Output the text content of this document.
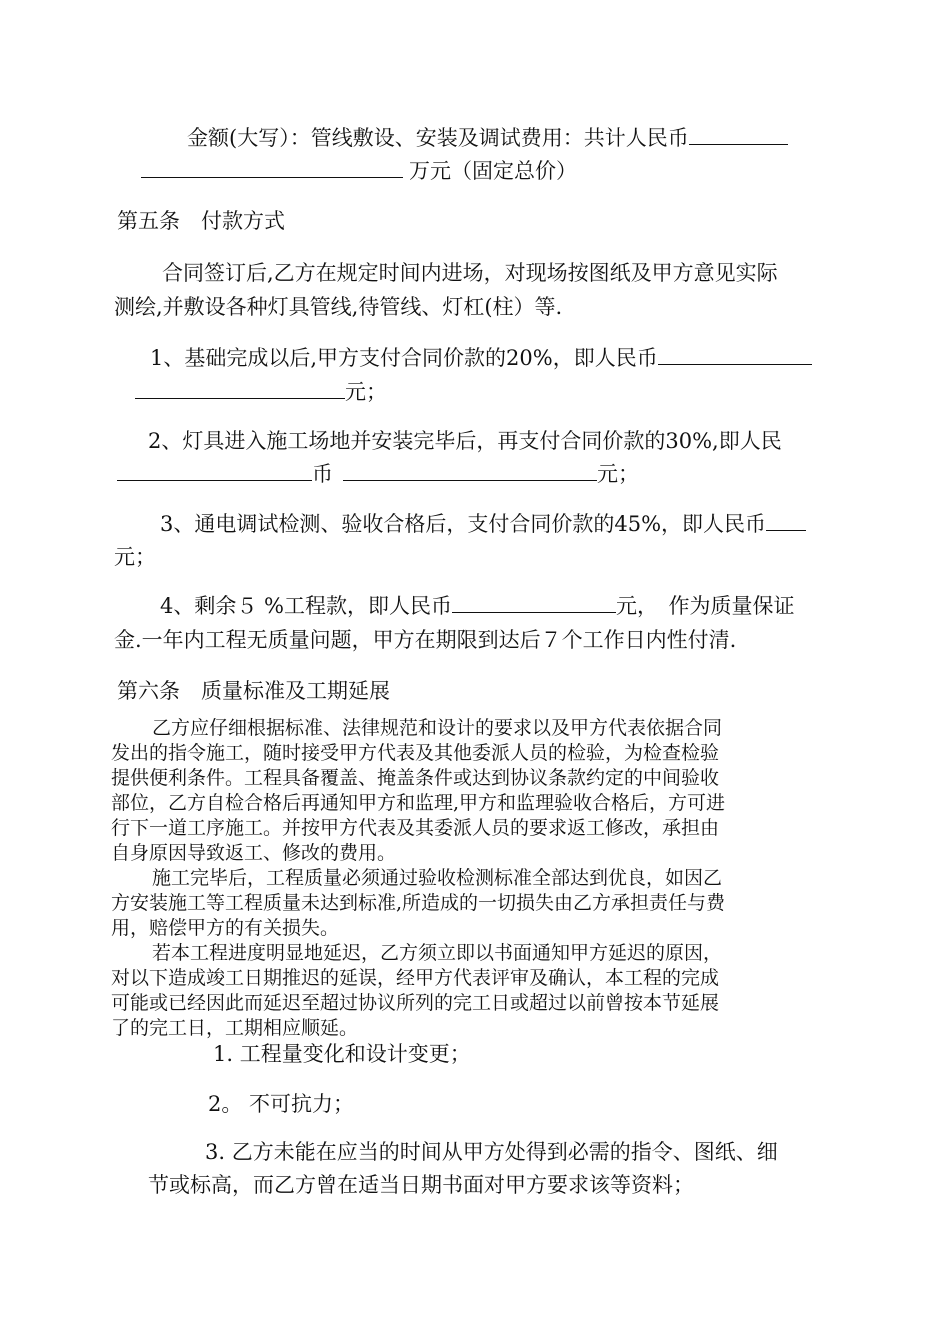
金额(大写）：管线敷设、安装及调试费用：共计人民币
万元（固定总价）
第五条　付款方式
合同签订后,乙方在规定时间内进场，对现场按图纸及甲方意见实际
测绘,并敷设各种灯具管线,待管线、灯杠(柱）等.
1、基础完成以后,甲方支付合同价款的20%，即人民币
元；
2、灯具进入施工场地并安装完毕后，再支付合同价款的30%,即人民
币	元；
3、通电调试检测、验收合格后，支付合同价款的45%，即人民币
元；
4、剩余５ %工程款，即人民币	元，　作为质量保证
金.一年内工程无质量问题，甲方在期限到达后７个工作日内性付清.
第六条　质量标准及工期延展
乙方应仔细根据标准、法律规范和设计的要求以及甲方代表依据合同
发出的指令施工，随时接受甲方代表及其他委派人员的检验，为检查检验
提供便利条件。工程具备覆盖、掩盖条件或达到协议条款约定的中间验收
部位，乙方自检合格后再通知甲方和监理,甲方和监理验收合格后，方可进
行下一道工序施工。并按甲方代表及其委派人员的要求返工修改，承担由
自身原因导致返工、修改的费用。
施工完毕后，工程质量必须通过验收检测标准全部达到优良，如因乙
方安装施工等工程质量未达到标准,所造成的一切损失由乙方承担责任与费
用，赔偿甲方的有关损失。
若本工程进度明显地延迟，乙方须立即以书面通知甲方延迟的原因，
对以下造成竣工日期推迟的延误，经甲方代表评审及确认，本工程的完成
可能或已经因此而延迟至超过协议所列的完工日或超过以前曾按本节延展
了的完工日，工期相应顺延。
1. 工程量变化和设计变更；
2。 不可抗力；
3. 乙方未能在应当的时间从甲方处得到必需的指令、图纸、细
节或标高，而乙方曾在适当日期书面对甲方要求该等资料；
